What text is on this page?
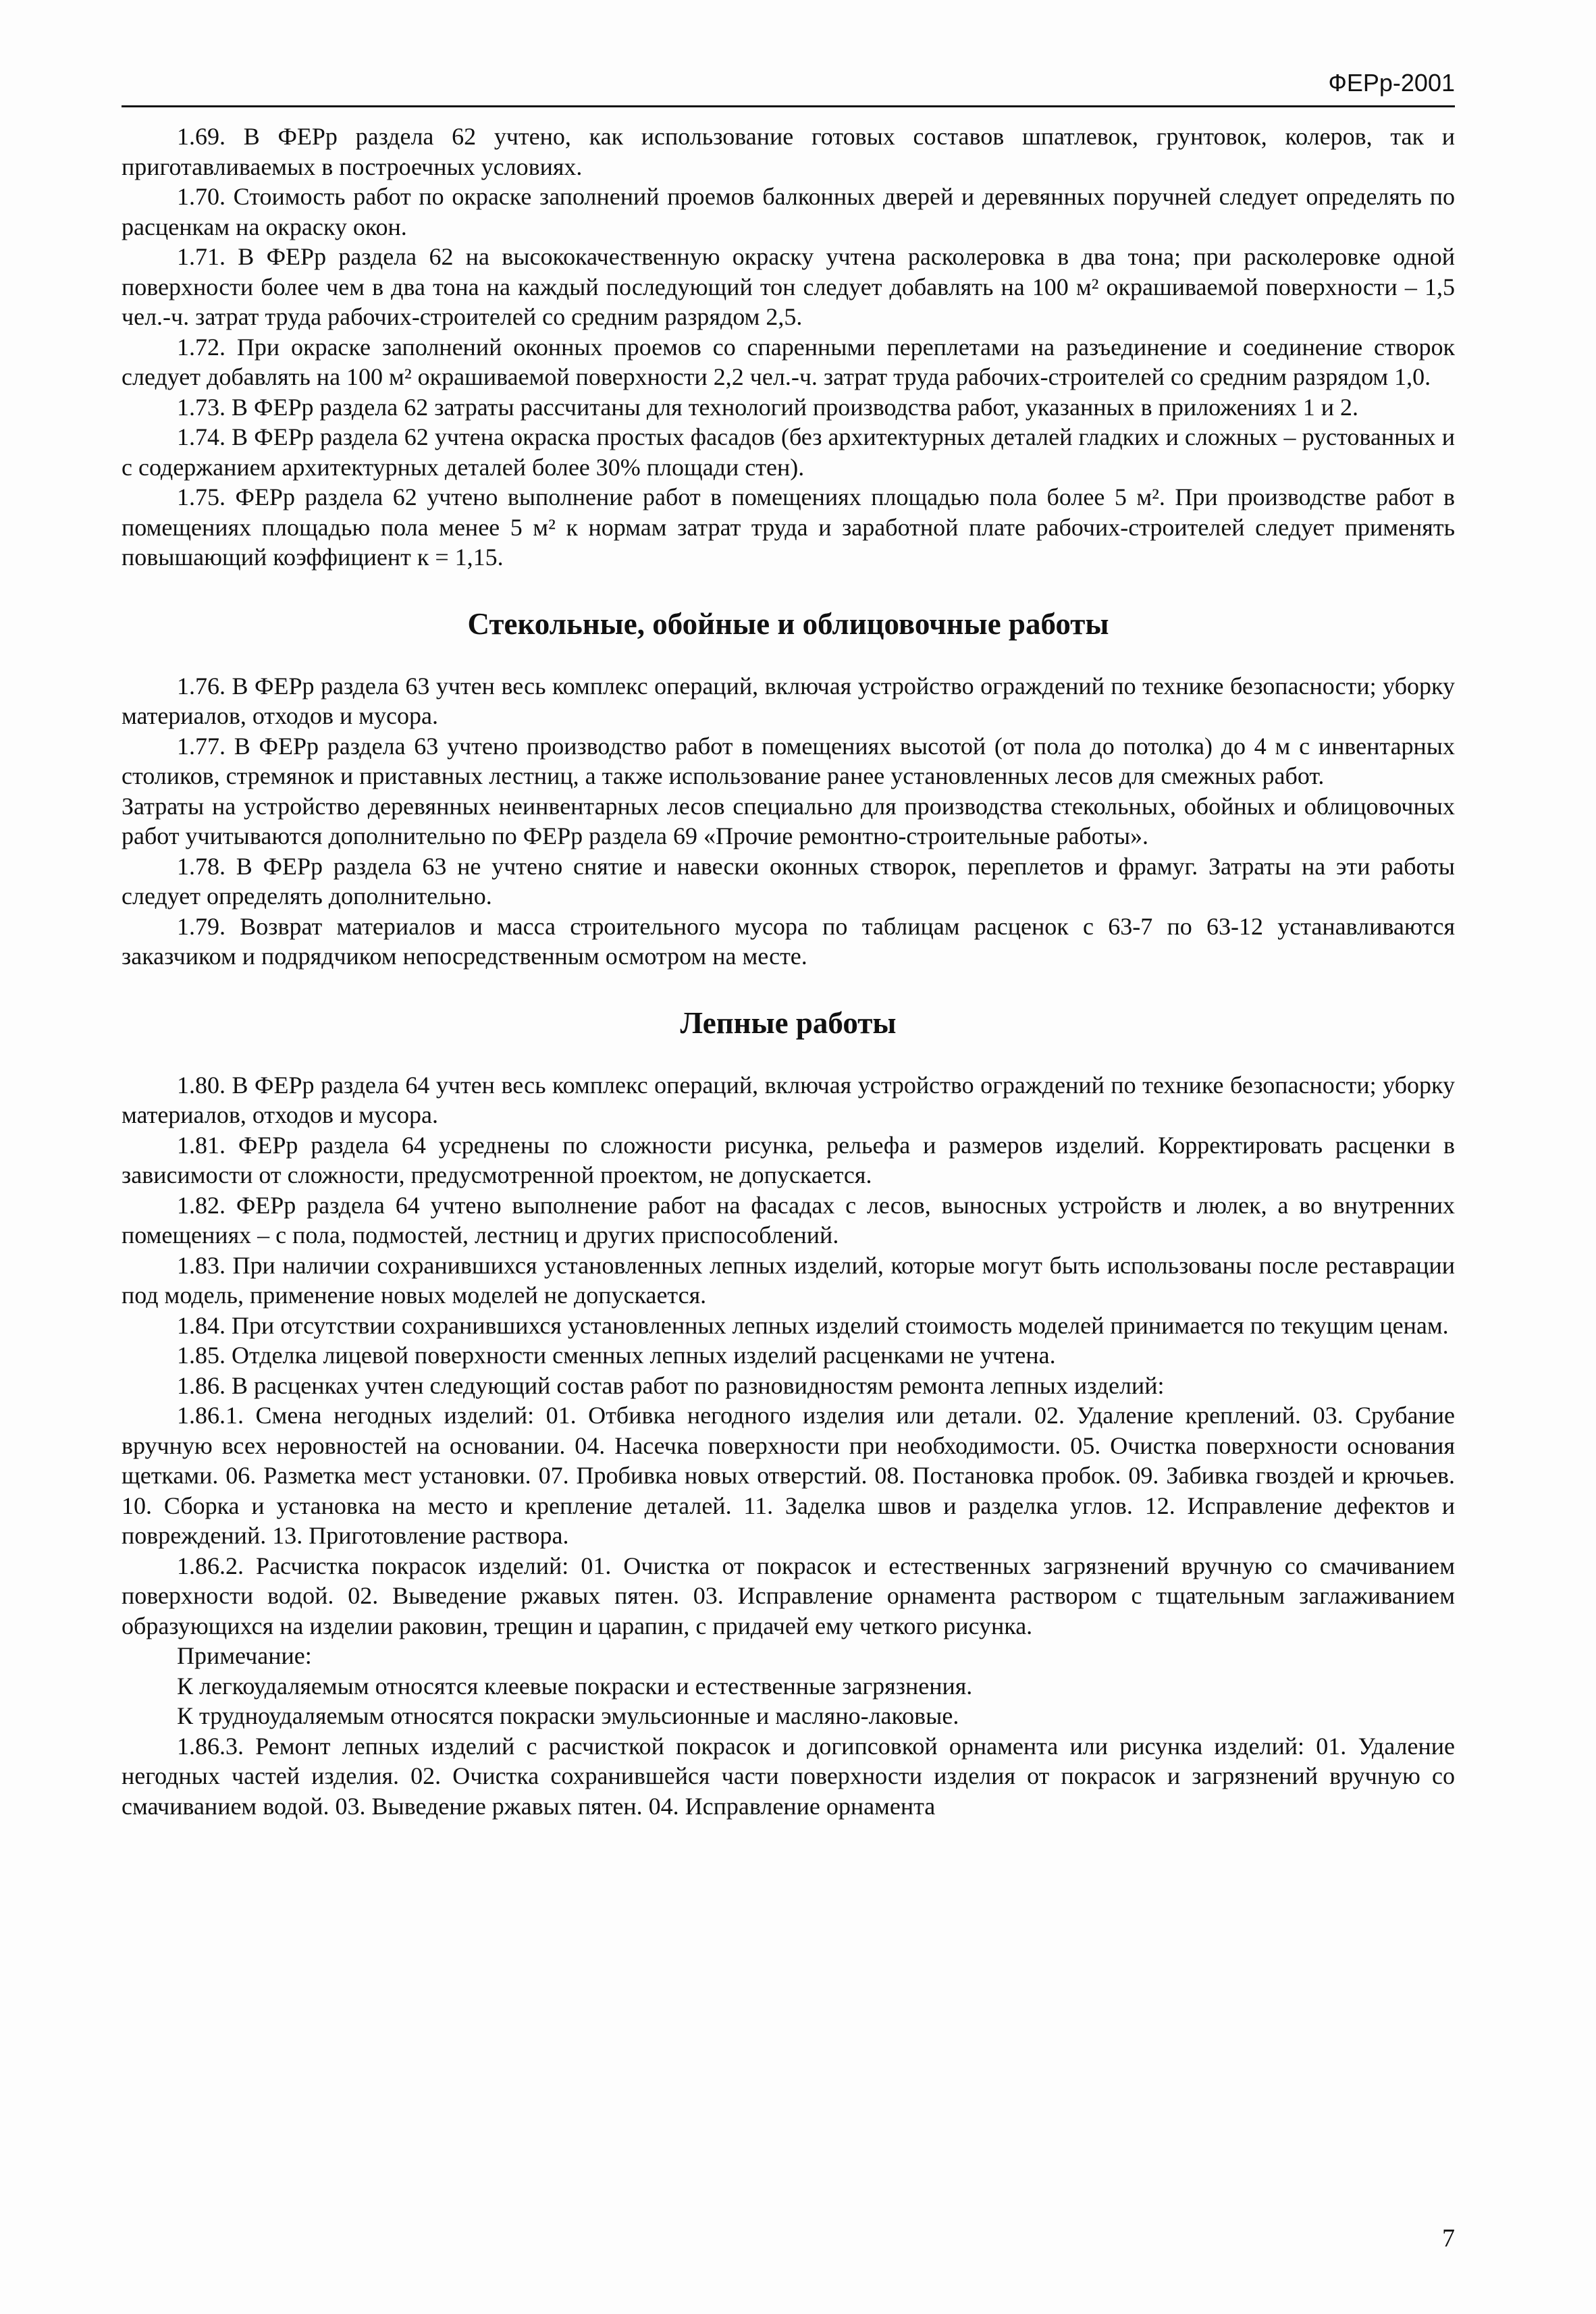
ФЕРр-2001

1.69. В ФЕРр раздела 62 учтено, как использование готовых составов шпатлевок, грунтовок, колеров, так и приготавливаемых в построечных условиях.

1.70. Стоимость работ по окраске заполнений проемов балконных дверей и деревянных поручней следует определять по расценкам на окраску окон.

1.71. В ФЕРр раздела 62 на высококачественную окраску учтена расколеровка в два тона; при расколеровке одной поверхности более чем в два тона на каждый последующий тон следует добавлять на 100 м² окрашиваемой поверхности – 1,5 чел.-ч. затрат труда рабочих-строителей со средним разрядом 2,5.

1.72. При окраске заполнений оконных проемов со спаренными переплетами на разъединение и соединение створок следует добавлять на 100 м² окрашиваемой поверхности 2,2 чел.-ч. затрат труда рабочих-строителей со средним разрядом 1,0.

1.73. В ФЕРр раздела 62 затраты рассчитаны для технологий производства работ, указанных в приложениях 1 и 2.

1.74. В ФЕРр раздела 62 учтена окраска простых фасадов (без архитектурных деталей гладких и сложных – рустованных и с содержанием архитектурных деталей более 30% площади стен).

1.75. ФЕРр раздела 62 учтено выполнение работ в помещениях площадью пола более 5 м². При производстве работ в помещениях площадью пола менее 5 м² к нормам затрат труда и заработной плате рабочих-строителей следует применять повышающий коэффициент к = 1,15.

Стекольные, обойные и облицовочные работы

1.76. В ФЕРр раздела 63 учтен весь комплекс операций, включая устройство ограждений по технике безопасности; уборку материалов, отходов и мусора.

1.77. В ФЕРр раздела 63 учтено производство работ в помещениях высотой (от пола до потолка) до 4 м с инвентарных столиков, стремянок и приставных лестниц, а также использование ранее установленных лесов для смежных работ.

Затраты на устройство деревянных неинвентарных лесов специально для производства стекольных, обойных и облицовочных работ учитываются дополнительно по ФЕРр раздела 69 «Прочие ремонтно-строительные работы».

1.78. В ФЕРр раздела 63 не учтено снятие и навески оконных створок, переплетов и фрамуг. Затраты на эти работы следует определять дополнительно.

1.79. Возврат материалов и масса строительного мусора по таблицам расценок с 63-7 по 63-12 устанавливаются заказчиком и подрядчиком непосредственным осмотром на месте.

Лепные работы

1.80. В ФЕРр раздела 64 учтен весь комплекс операций, включая устройство ограждений по технике безопасности; уборку материалов, отходов и мусора.

1.81. ФЕРр раздела 64 усреднены по сложности рисунка, рельефа и размеров изделий. Корректировать расценки в зависимости от сложности, предусмотренной проектом, не допускается.

1.82. ФЕРр раздела 64 учтено выполнение работ на фасадах с лесов, выносных устройств и люлек, а во внутренних помещениях – с пола, подмостей, лестниц и других приспособлений.

1.83. При наличии сохранившихся установленных лепных изделий, которые могут быть использованы после реставрации под модель, применение новых моделей не допускается.

1.84. При отсутствии сохранившихся установленных лепных изделий стоимость моделей принимается по текущим ценам.

1.85. Отделка лицевой поверхности сменных лепных изделий расценками не учтена.

1.86. В расценках учтен следующий состав работ по разновидностям ремонта лепных изделий:

1.86.1. Смена негодных изделий: 01. Отбивка негодного изделия или детали. 02. Удаление креплений. 03. Срубание вручную всех неровностей на основании. 04. Насечка поверхности при необходимости. 05. Очистка поверхности основания щетками. 06. Разметка мест установки. 07. Пробивка новых отверстий. 08. Постановка пробок. 09. Забивка гвоздей и крючьев. 10. Сборка и установка на место и крепление деталей. 11. Заделка швов и разделка углов. 12. Исправление дефектов и повреждений. 13. Приготовление раствора.

1.86.2. Расчистка покрасок изделий: 01. Очистка от покрасок и естественных загрязнений вручную со смачиванием поверхности водой. 02. Выведение ржавых пятен. 03. Исправление орнамента раствором с тщательным заглаживанием образующихся на изделии раковин, трещин и царапин, с придачей ему четкого рисунка.

Примечание:

К легкоудаляемым относятся клеевые покраски и естественные загрязнения.

К трудноудаляемым относятся покраски эмульсионные и масляно-лаковые.

1.86.3. Ремонт лепных изделий с расчисткой покрасок и догипсовкой орнамента или рисунка изделий: 01. Удаление негодных частей изделия. 02. Очистка сохранившейся части поверхности изделия от покрасок и загрязнений вручную со смачиванием водой. 03. Выведение ржавых пятен. 04. Исправление орнамента

7
